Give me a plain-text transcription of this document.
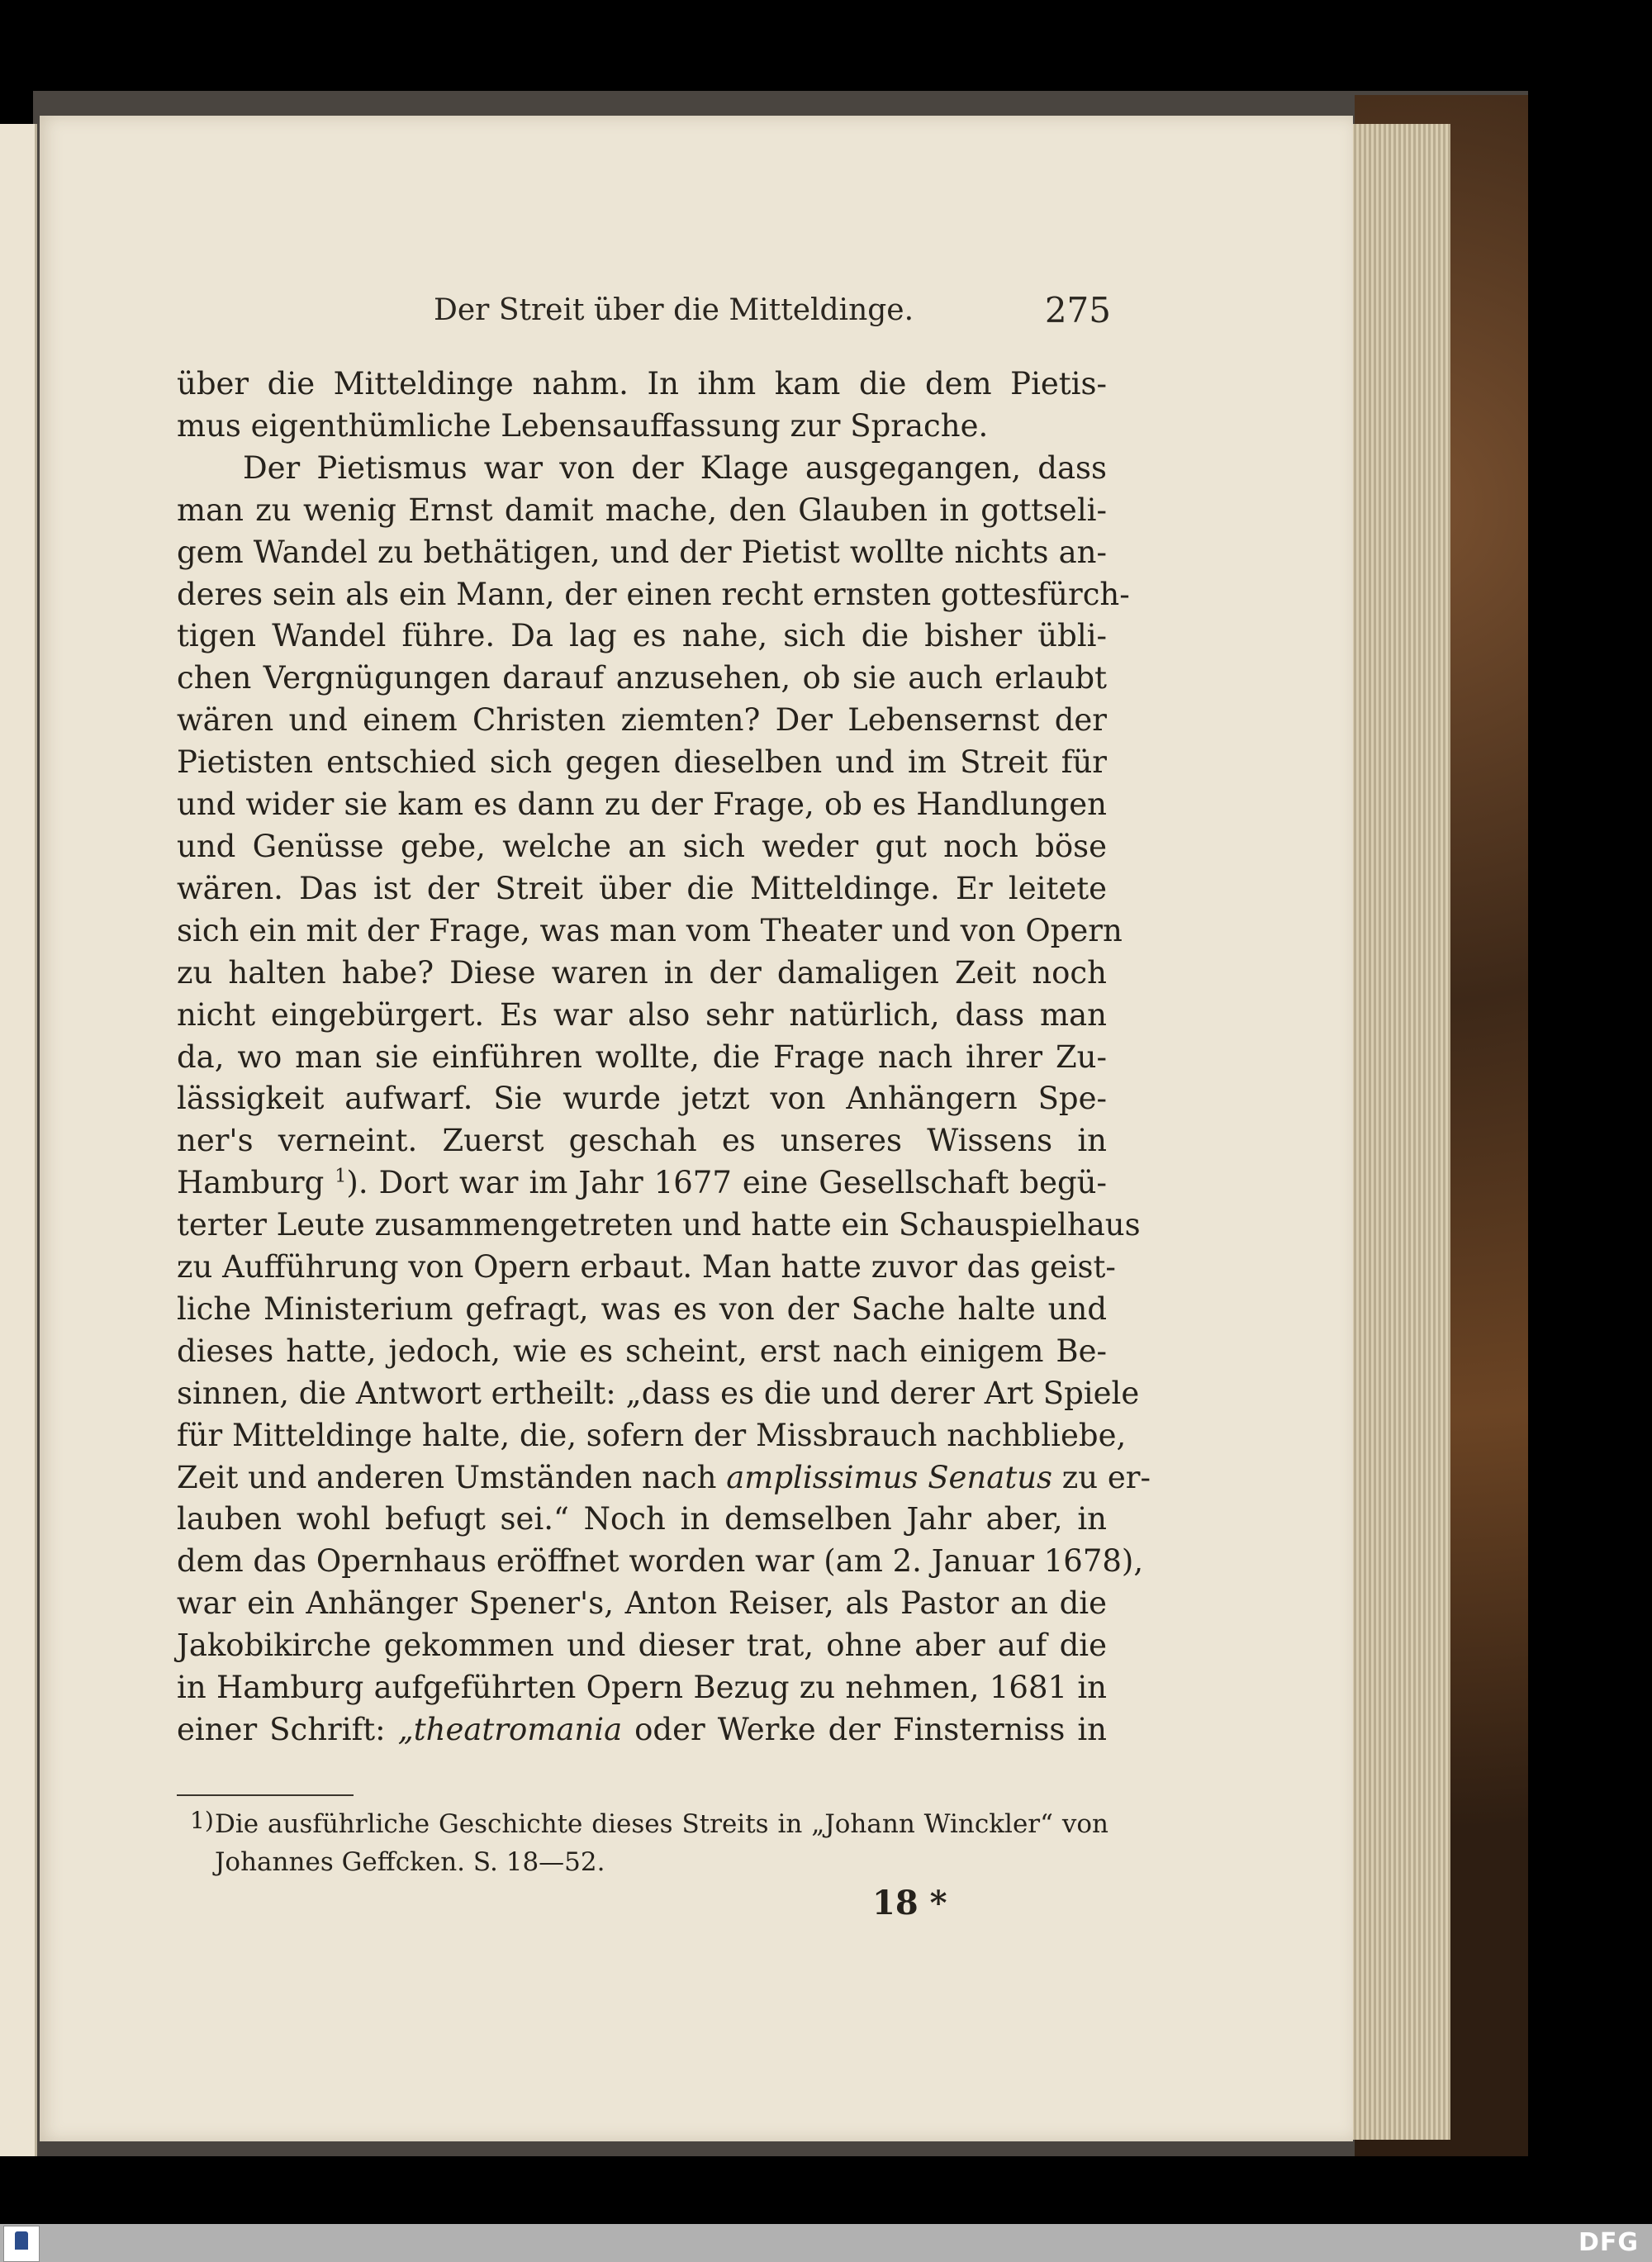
Der Streit über die Mitteldinge.	275
über die Mitteldinge nahm. In ihm kam die dem Pietis-
mus eigenthümliche Lebensauffassung zur Sprache.
Der Pietismus war von der Klage ausgegangen, dass
man zu wenig Ernst damit mache, den Glauben in gottseli-
gem Wandel zu bethätigen, und der Pietist wollte nichts an-
deres sein als ein Mann, der einen recht ernsten gottesfürch-
tigen Wandel führe. Da lag es nahe, sich die bisher übli-
chen Vergnügungen darauf anzusehen, ob sie auch erlaubt
wären und einem Christen ziemten? Der Lebensernst der
Pietisten entschied sich gegen dieselben und im Streit für
und wider sie kam es dann zu der Frage, ob es Handlungen
und Genüsse gebe, welche an sich weder gut noch böse
wären. Das ist der Streit über die Mitteldinge. Er leitete
sich ein mit der Frage, was man vom Theater und von Opern
zu halten habe? Diese waren in der damaligen Zeit noch
nicht eingebürgert. Es war also sehr natürlich, dass man
da, wo man sie einführen wollte, die Frage nach ihrer Zu-
lässigkeit aufwarf. Sie wurde jetzt von Anhängern Spe-
ner's verneint. Zuerst geschah es unseres Wissens in
Hamburg $^1$). Dort war im Jahr 1677 eine Gesellschaft begü-
terter Leute zusammengetreten und hatte ein Schauspielhaus
zu Aufführung von Opern erbaut. Man hatte zuvor das geist-
liche Ministerium gefragt, was es von der Sache halte und
dieses hatte, jedoch, wie es scheint, erst nach einigem Be-
sinnen, die Antwort ertheilt: „dass es die und derer Art Spiele
für Mitteldinge halte, die, sofern der Missbrauch nachbliebe,
Zeit und anderen Umständen nach amplissimus Senatus zu er-
lauben wohl befugt sei.“ Noch in demselben Jahr aber, in
dem das Opernhaus eröffnet worden war (am 2. Januar 1678),
war ein Anhänger Spener's, Anton Reiser, als Pastor an die
Jakobikirche gekommen und dieser trat, ohne aber auf die
in Hamburg aufgeführten Opern Bezug zu nehmen, 1681 in
einer Schrift: „theatromania oder Werke der Finsterniss in
1) Die ausführliche Geschichte dieses Streits in „Johann Winckler“ von
Johannes Geffcken. S. 18—52.
18 *
DFG
